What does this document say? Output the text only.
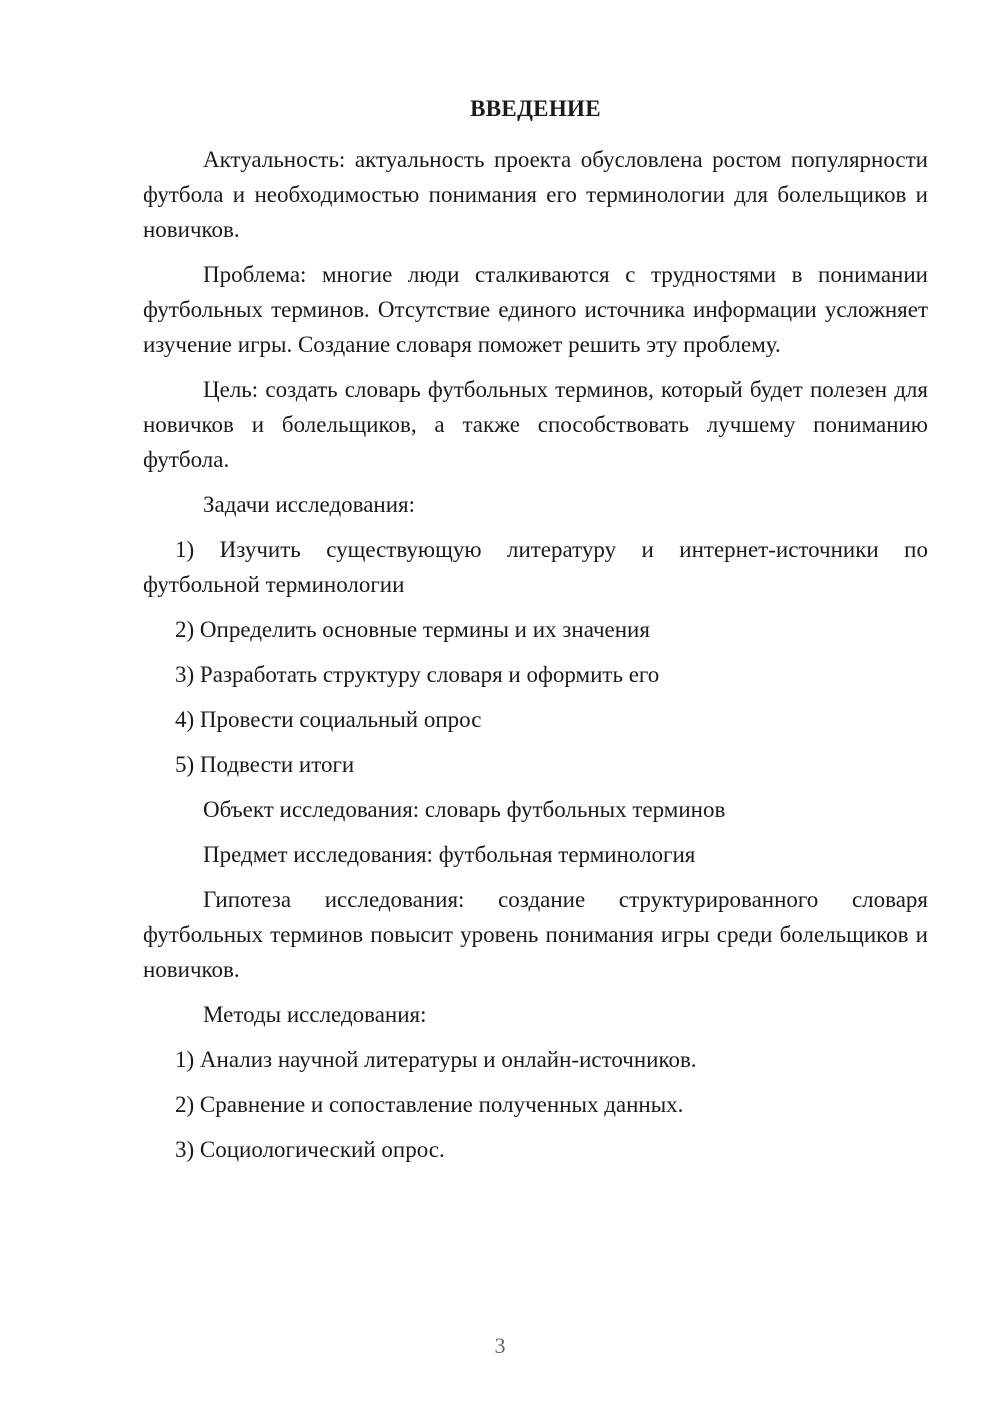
ВВЕДЕНИЕ

Актуальность: актуальность проекта обусловлена ростом популярности футбола и необходимостью понимания его терминологии для болельщиков и новичков.

Проблема: многие люди сталкиваются с трудностями в понимании футбольных терминов. Отсутствие единого источника информации усложняет изучение игры. Создание словаря поможет решить эту проблему.

Цель: создать словарь футбольных терминов, который будет полезен для новичков и болельщиков, а также способствовать лучшему пониманию футбола.

Задачи исследования:

1) Изучить существующую литературу и интернет-источники по футбольной терминологии

2) Определить основные термины и их значения

3) Разработать структуру словаря и оформить его

4) Провести социальный опрос

5) Подвести итоги

Объект исследования: словарь футбольных терминов

Предмет исследования: футбольная терминология

Гипотеза исследования: создание структурированного словаря футбольных терминов повысит уровень понимания игры среди болельщиков и новичков.

Методы исследования:

1) Анализ научной литературы и онлайн-источников.

2) Сравнение и сопоставление полученных данных.

3) Социологический опрос.

3
